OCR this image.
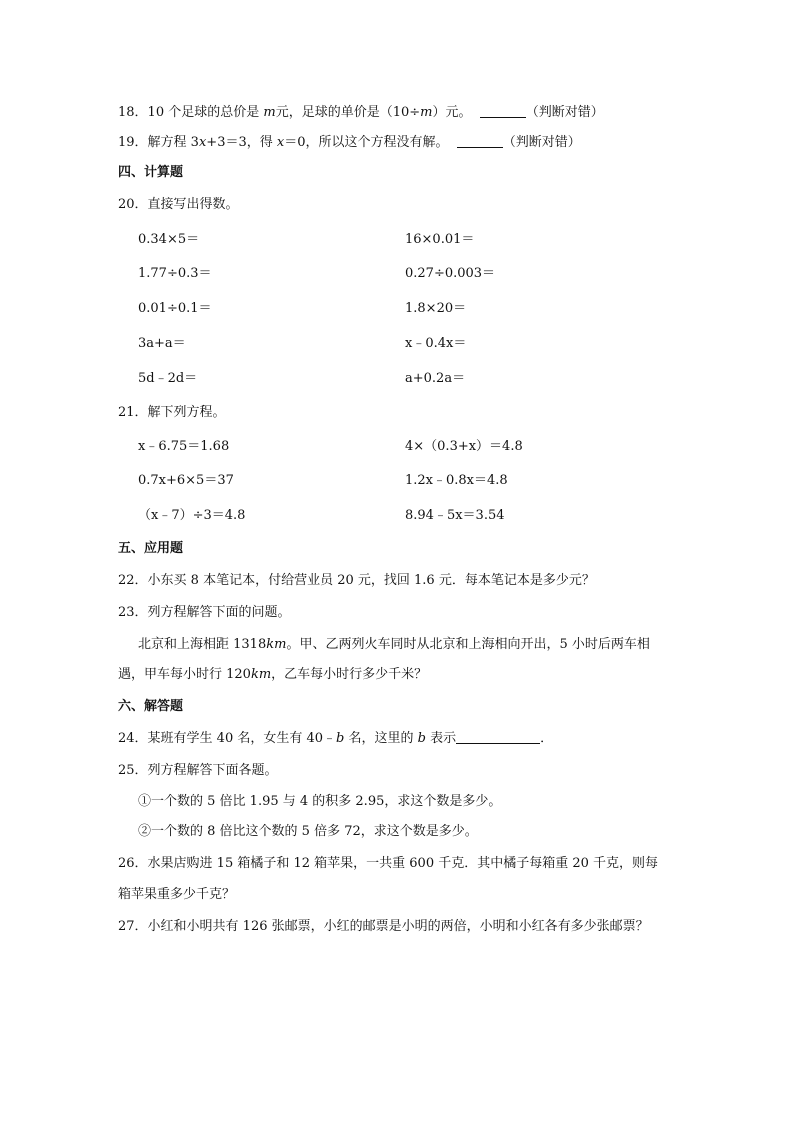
18．10 个足球的总价是 m元，足球的单价是（10÷m）元。	（判断对错）
19．解方程 3x+3＝3，得 x＝0，所以这个方程没有解。	（判断对错）
四、计算题
20．直接写出得数。
0.34×5＝	16×0.01＝
1.77÷0.3＝	0.27÷0.003＝
0.01÷0.1＝	1.8×20＝
3a+a＝	x﹣0.4x＝
5d﹣2d＝	a+0.2a＝
21．解下列方程。
x﹣6.75＝1.68	4×（0.3+x）＝4.8
0.7x+6×5＝37	1.2x﹣0.8x＝4.8
（x﹣7）÷3＝4.8	8.94﹣5x＝3.54
五、应用题
22．小东买 8 本笔记本，付给营业员 20 元，找回 1.6 元．每本笔记本是多少元？
23．列方程解答下面的问题。
北京和上海相距 1318km。甲、乙两列火车同时从北京和上海相向开出，5 小时后两车相
遇，甲车每小时行 120km，乙车每小时行多少千米？
六、解答题
24．某班有学生 40 名，女生有 40﹣b 名，这里的 b 表示	．
25．列方程解答下面各题。
①一个数的 5 倍比 1.95 与 4 的积多 2.95，求这个数是多少。
②一个数的 8 倍比这个数的 5 倍多 72，求这个数是多少。
26．水果店购进 15 箱橘子和 12 箱苹果，一共重 600 千克．其中橘子每箱重 20 千克，则每
箱苹果重多少千克？
27．小红和小明共有 126 张邮票，小红的邮票是小明的两倍，小明和小红各有多少张邮票？
